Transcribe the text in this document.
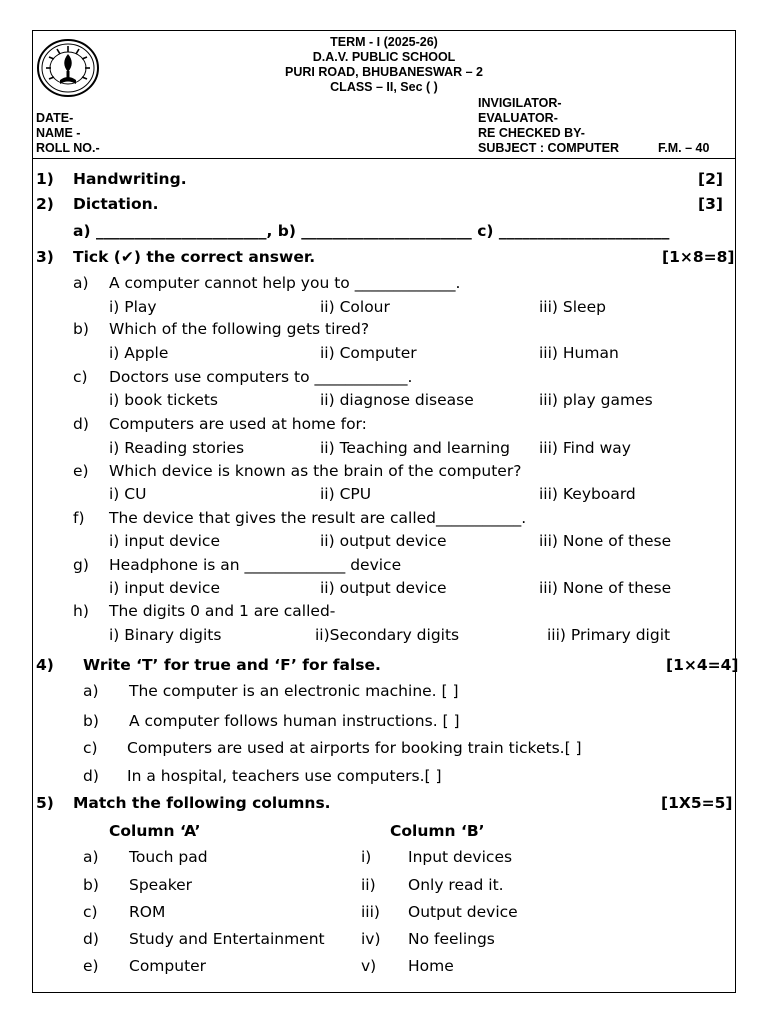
TERM - I (2025-26)
D.A.V. PUBLIC SCHOOL
PURI ROAD, BHUBANESWAR – 2
CLASS – II, Sec ( )
INVIGILATOR-
EVALUATOR-
RE CHECKED BY-
SUBJECT : COMPUTER	F.M. – 40
DATE-
NAME -
ROLL NO.-
1) Handwriting.	[2]
2) Dictation.	[3]
a) ______________________, b) ______________________ c) ______________________
3) Tick (✔) the correct answer.	[1×8=8]
a) A computer cannot help you to _____________.
i) Play	ii) Colour	iii) Sleep
b) Which of the following gets tired?
i) Apple	ii) Computer	iii) Human
c) Doctors use computers to ____________.
i) book tickets	ii) diagnose disease	iii) play games
d) Computers are used at home for:
i) Reading stories	ii) Teaching and learning iii) Find way
e) Which device is known as the brain of the computer?
i) CU	ii) CPU	iii) Keyboard
f) The device that gives the result are called___________.
i) input device	ii) output device	iii) None of these
g) Headphone is an _____________ device
i) input device	ii) output device	iii) None of these
h) The digits 0 and 1 are called-
i) Binary digits	ii)Secondary digits	iii) Primary digit
4) Write ‘T’ for true and ‘F’ for false.	[1×4=4]
a) The computer is an electronic machine. [ ]
b) A computer follows human instructions. [ ]
c) Computers are used at airports for booking train tickets.[ ]
d) In a hospital, teachers use computers.[ ]
5) Match the following columns.	[1X5=5]
Column ‘A’	Column ‘B’
a) Touch pad	i) Input devices
b) Speaker	ii) Only read it.
c) ROM	iii) Output device
d) Study and Entertainment iv) No feelings
e) Computer	v) Home
